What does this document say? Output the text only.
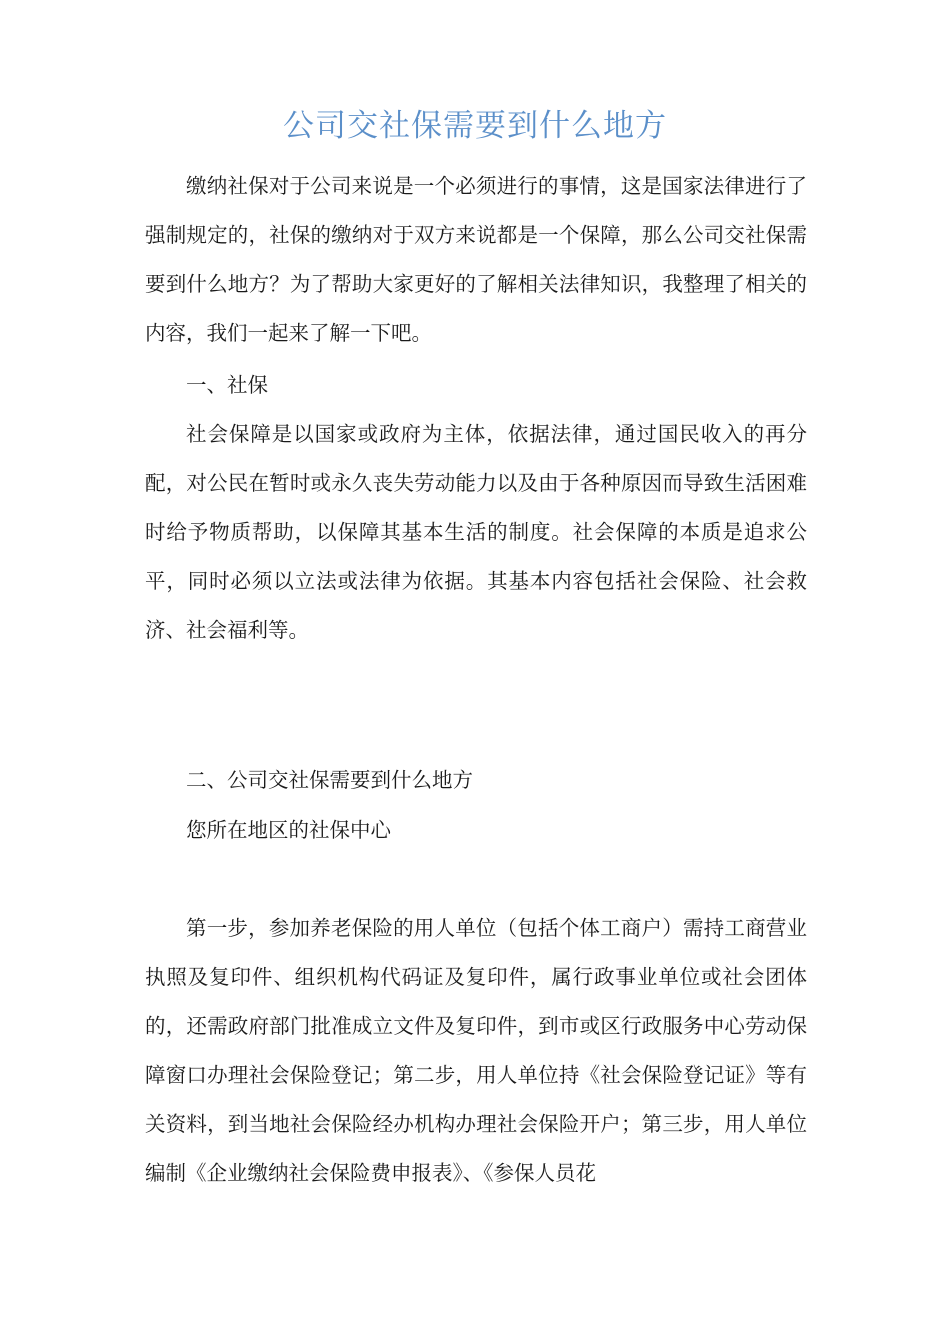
公司交社保需要到什么地方

缴纳社保对于公司来说是一个必须进行的事情，这是国家法律进行了强制规定的，社保的缴纳对于双方来说都是一个保障，那么公司交社保需要到什么地方？为了帮助大家更好的了解相关法律知识，我整理了相关的内容，我们一起来了解一下吧。

一、社保

社会保障是以国家或政府为主体，依据法律，通过国民收入的再分配，对公民在暂时或永久丧失劳动能力以及由于各种原因而导致生活困难时给予物质帮助，以保障其基本生活的制度。社会保障的本质是追求公平，同时必须以立法或法律为依据。其基本内容包括社会保险、社会救济、社会福利等。

二、公司交社保需要到什么地方

您所在地区的社保中心

第一步，参加养老保险的用人单位（包括个体工商户）需持工商营业执照及复印件、组织机构代码证及复印件，属行政事业单位或社会团体的，还需政府部门批准成立文件及复印件，到市或区行政服务中心劳动保障窗口办理社会保险登记；第二步，用人单位持《社会保险登记证》等有关资料，到当地社会保险经办机构办理社会保险开户；第三步，用人单位编制《企业缴纳社会保险费申报表》、《参保人员花
